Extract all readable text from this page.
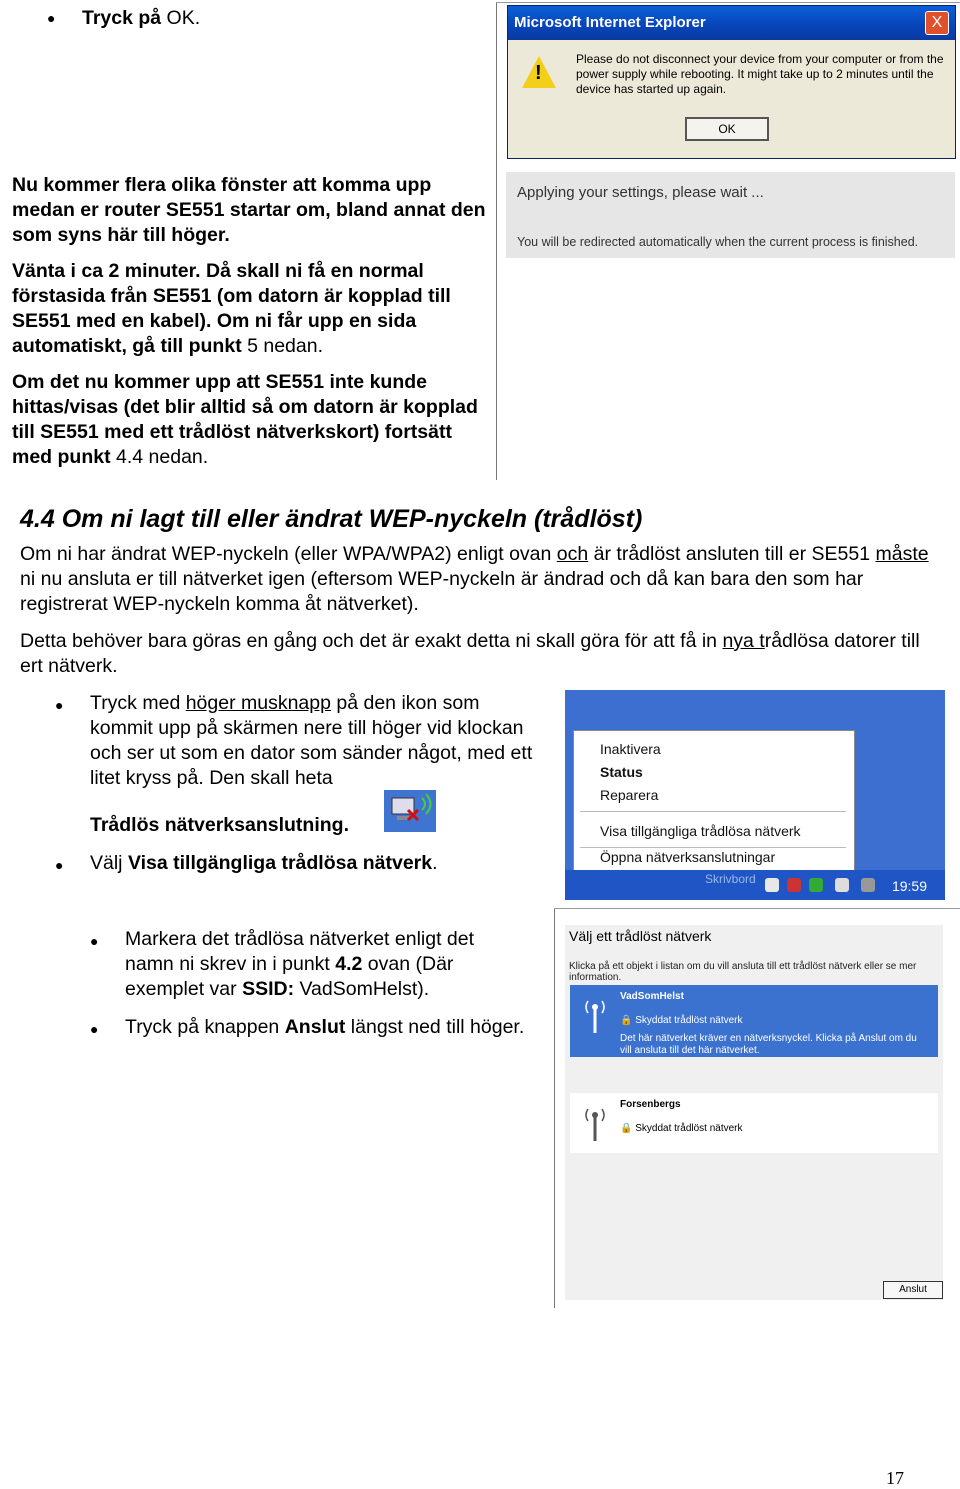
● Tryck på OK.
Nu kommer flera olika fönster att komma upp medan er router SE551 startar om, bland annat den som syns här till höger.
Vänta i ca 2 minuter. Då skall ni få en normal förstasida från SE551 (om datorn är kopplad till SE551 med en kabel). Om ni får upp en sida automatiskt, gå till punkt 5 nedan.
Om det nu kommer upp att SE551 inte kunde hittas/visas (det blir alltid så om datorn är kopplad till SE551 med ett trådlöst nätverkskort) fortsätt med punkt 4.4 nedan.
Microsoft Internet Explorer	X
!
Please do not disconnect your device from your computer or from the power supply while rebooting. It might take up to 2 minutes until the device has started up again.
OK
Applying your settings, please wait ...
You will be redirected automatically when the current process is finished.
4.4 Om ni lagt till eller ändrat WEP-nyckeln (trådlöst)
Om ni har ändrat WEP-nyckeln (eller WPA/WPA2) enligt ovan och är trådlöst ansluten till er SE551 måste ni nu ansluta er till nätverket igen (eftersom WEP-nyckeln är ändrad och då kan bara den som har registrerat WEP-nyckeln komma åt nätverket).
Detta behöver bara göras en gång och det är exakt detta ni skall göra för att få in nya trådlösa datorer till ert nätverk.
● Tryck med höger musknapp på den ikon som kommit upp på skärmen nere till höger vid klockan och ser ut som en dator som sänder något, med ett litet kryss på. Den skall heta
Trådlös nätverksanslutning.
● Välj Visa tillgängliga trådlösa nätverk.
● Markera det trådlösa nätverket enligt det namn ni skrev in i punkt 4.2 ovan (Där exemplet var SSID: VadSomHelst).
● Tryck på knappen Anslut längst ned till höger.
Inaktivera
Status
Reparera
Visa tillgängliga trådlösa nätverk
Öppna nätverksanslutningar
Skrivbord	19:59
Välj ett trådlöst nätverk
Klicka på ett objekt i listan om du vill ansluta till ett trådlöst nätverk eller se mer information.
VadSomHelst
🔒 Skyddat trådlöst nätverk
Det här nätverket kräver en nätverksnyckel. Klicka på Anslut om du vill ansluta till det här nätverket.
Forsenbergs
🔒 Skyddat trådlöst nätverk
Anslut
17
